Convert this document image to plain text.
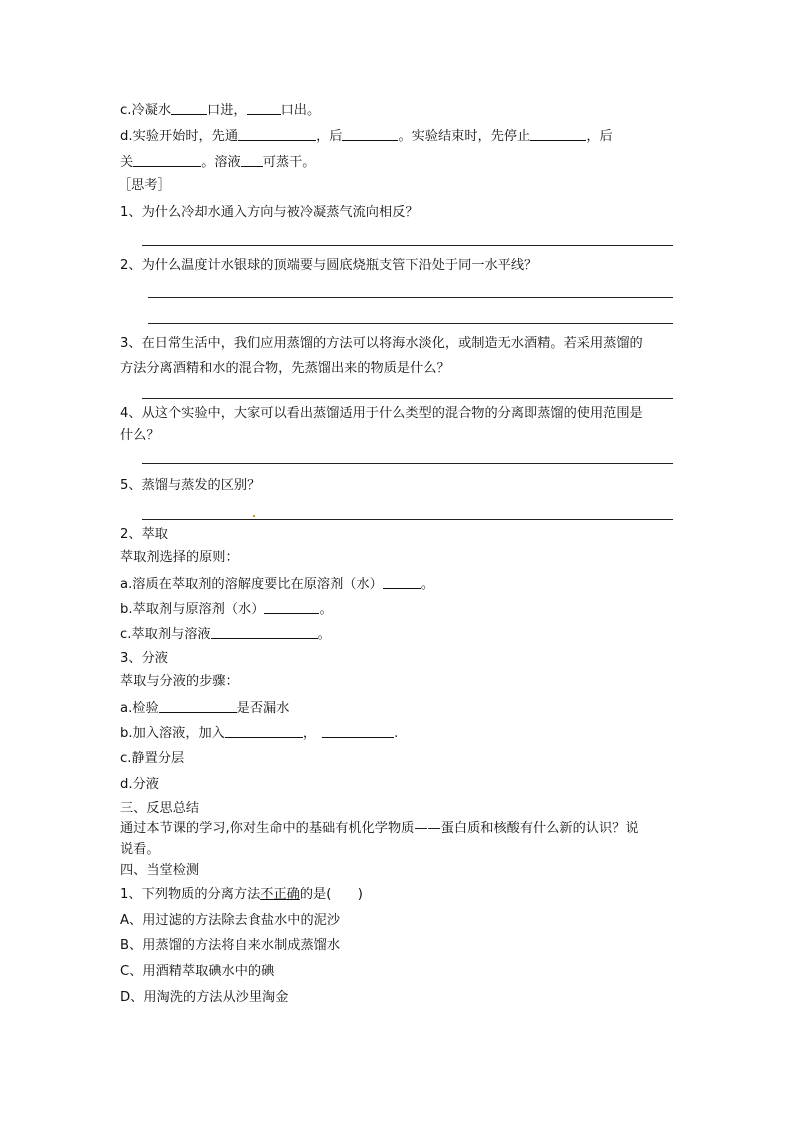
c.冷凝水	口进，	口出。
d.实验开始时，先通	，后	。实验结束时，先停止	，后
关	。溶液 可蒸干。
［思考］
1、为什么冷却水通入方向与被冷凝蒸气流向相反？
2、为什么温度计水银球的顶端要与圆底烧瓶支管下沿处于同一水平线？
3、在日常生活中，我们应用蒸馏的方法可以将海水淡化，或制造无水酒精。若采用蒸馏的
方法分离酒精和水的混合物，先蒸馏出来的物质是什么？
4、从这个实验中，大家可以看出蒸馏适用于什么类型的混合物的分离即蒸馏的使用范围是
什么？
5、蒸馏与蒸发的区别？
2、萃取
萃取剂选择的原则：
a.溶质在萃取剂的溶解度要比在原溶剂（水）	。
b.萃取剂与原溶剂（水）	。
c.萃取剂与溶液	。
3、分液
萃取与分液的步骤：
a.检验	是否漏水
b.加入溶液，加入	，	.
c.静置分层
d.分液
三、反思总结
通过本节课的学习,你对生命中的基础有机化学物质——蛋白质和核酸有什么新的认识？说
说看。
四、当堂检测
1、下列物质的分离方法不正确的是(　　)
A、用过滤的方法除去食盐水中的泥沙
B、用蒸馏的方法将自来水制成蒸馏水
C、用酒精萃取碘水中的碘
D、用淘洗的方法从沙里淘金
